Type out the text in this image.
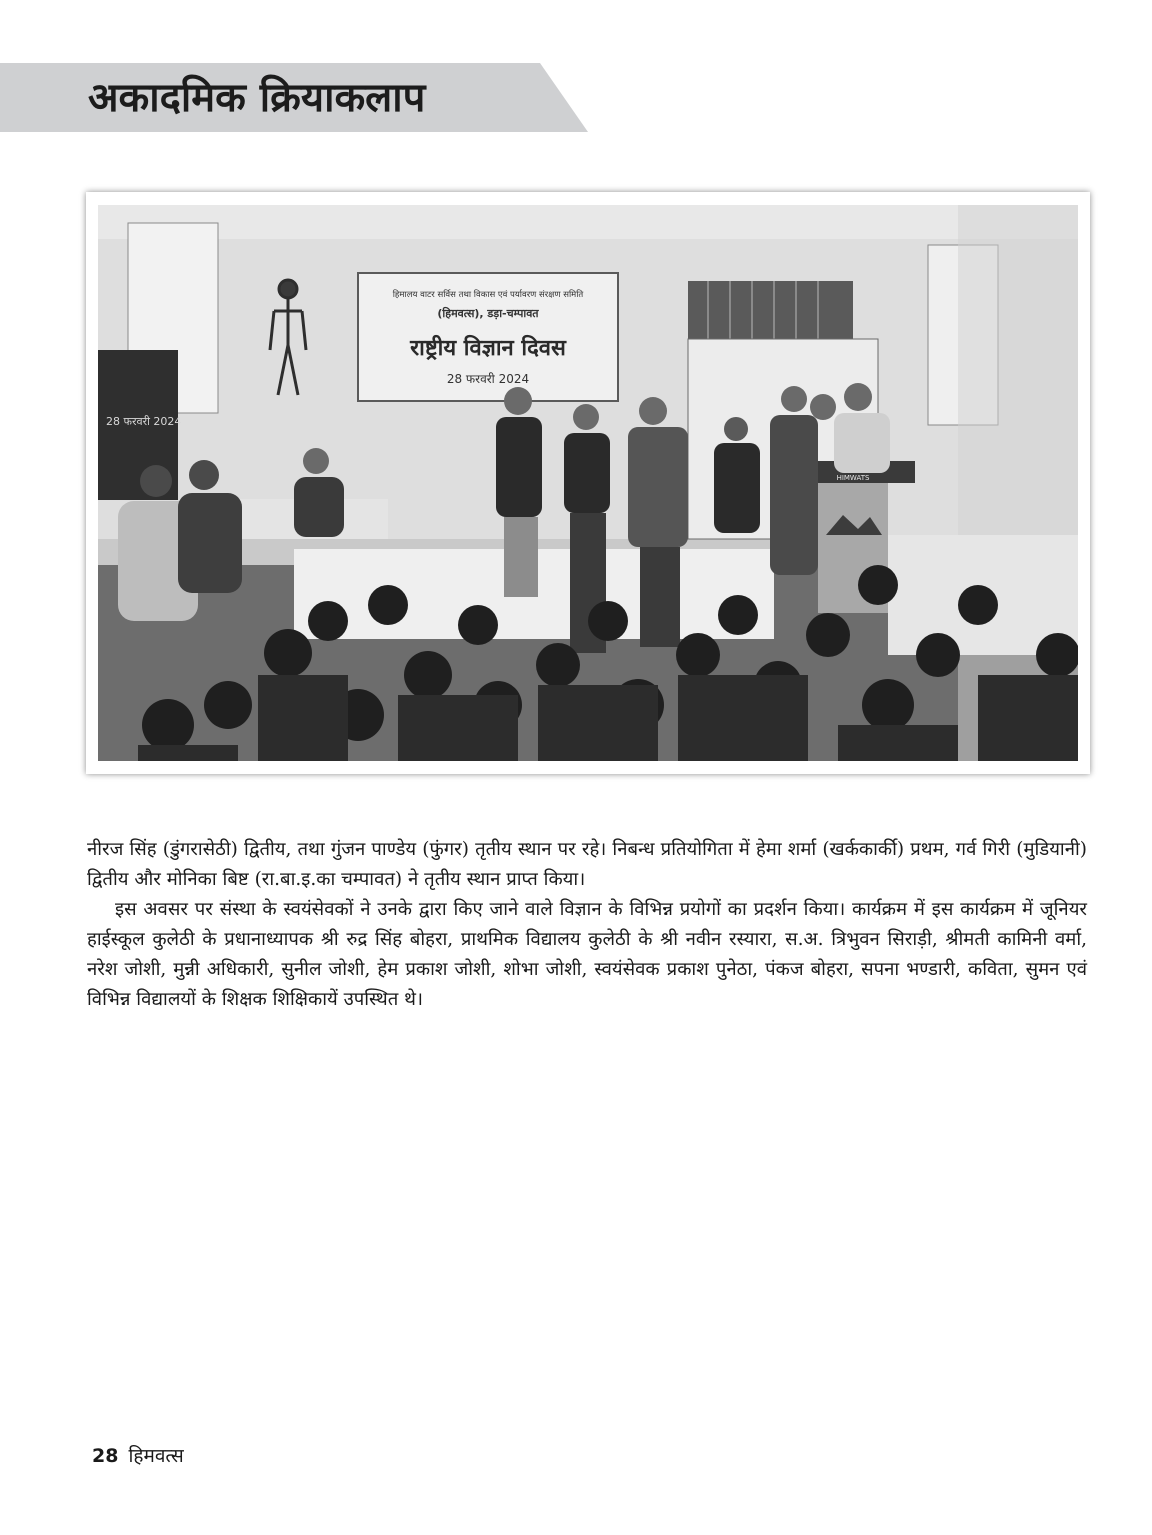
अकादमिक क्रियाकलाप
हिमालय वाटर सर्विस तथा विकास एवं पर्यावरण संरक्षण समिति
(हिमवत्स), डड़ा-चम्पावत
राष्ट्रीय विज्ञान दिवस
28 फरवरी 2024
28 फरवरी 2024
HIMWATS

नीरज सिंह (डुंगरासेठी) द्वितीय, तथा गुंजन पाण्डेय (फुंगर) तृतीय स्थान पर रहे। निबन्ध प्रतियोगिता में हेमा शर्मा (खर्ककार्की) प्रथम, गर्व गिरी (मुडियानी) द्वितीय और मोनिका बिष्ट (रा.बा.इ.का चम्पावत) ने तृतीय स्थान प्राप्त किया।

इस अवसर पर संस्था के स्वयंसेवकों ने उनके द्वारा किए जाने वाले विज्ञान के विभिन्न प्रयोगों का प्रदर्शन किया। कार्यक्रम में इस कार्यक्रम में जूनियर हाईस्कूल कुलेठी के प्रधानाध्यापक श्री रुद्र सिंह बोहरा, प्राथमिक विद्यालय कुलेठी के श्री नवीन रस्यारा, स.अ. त्रिभुवन सिराड़ी, श्रीमती कामिनी वर्मा, नरेश जोशी, मुन्नी अधिकारी, सुनील जोशी, हेम प्रकाश जोशी, शोभा जोशी, स्वयंसेवक प्रकाश पुनेठा, पंकज बोहरा, सपना भण्डारी, कविता, सुमन एवं विभिन्न विद्यालयों के शिक्षक शिक्षिकायें उपस्थित थे।

28 हिमवत्स
